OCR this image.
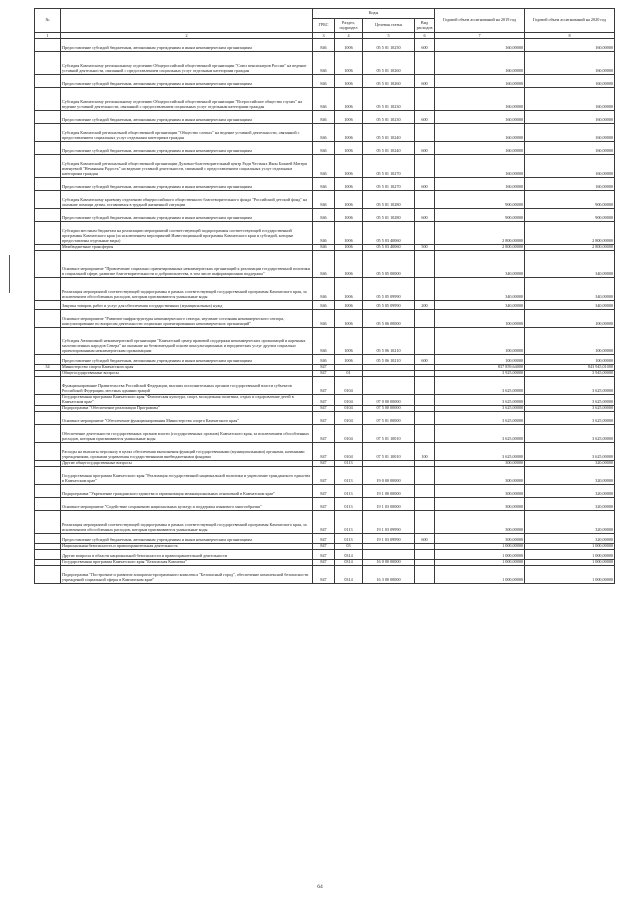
№		Коды				Годовой объем ассигнований на 2019 год	Годовой объем ассигнований на 2020 год
		ГРБС	Раздел, подраздел	Целевая статья	Вид расходов		
1	2	3	4	5	6	7	8
	Предоставление субсидий бюджетным, автономным учреждениям и иным некоммерческим организациям	846	1006	05 5 01 10250	600	160,00000	160,00000
	Субсидия Камчатскому региональному отделению Общероссийской общественной организации "Союз пенсионеров России" на ведение уставной деятельности, связанной с предоставлением социальных услуг отдельным категориям граждан	846	1006	05 5 01 10260		160,00000	160,00000
	Предоставление субсидий бюджетным, автономным учреждениям и иным некоммерческим организациям	846	1006	05 5 01 10260	600	160,00000	160,00000
	Субсидия Камчатскому региональному отделению Общероссийской общественной организации "Всероссийское общество глухих" на ведение уставной деятельности, связанной с предоставлением социальных услуг отдельным категориям граждан	846	1006	05 5 01 10230		160,00000	160,00000
	Предоставление субсидий бюджетным, автономным учреждениям и иным некоммерческим организациям	846	1006	05 5 01 10230	600	160,00000	160,00000
	Субсидия Камчатской региональной общественной организации "Общество слепых" на ведение уставной деятельности, связанной с предоставлением социальных услуг отдельным категориям граждан	846	1006	05 5 01 10240		160,00000	160,00000
	Предоставление субсидий бюджетным, автономным учреждениям и иным некоммерческим организациям	846	1006	05 5 01 10240	600	160,00000	160,00000
	Субсидия Камчатской региональной общественной организации Духовно-благотворительный центр Ради Честных Икон Божией Матери именуемой "Нечаянная Радость" на ведение уставной деятельности, связанной с предоставлением социальных услуг отдельным категориям граждан	846	1006	05 5 01 10270		160,00000	160,00000
	Предоставление субсидий бюджетным, автономным учреждениям и иным некоммерческим организациям	846	1006	05 5 01 10270	600	160,00000	160,00000
	Субсидия Камчатскому краевому отделению общероссийского общественного благотворительного фонда "Российский детский фонд" на оказание помощи детям, оставшимся в трудной жизненной ситуации	846	1006	05 5 01 10280		900,00000	900,00000
	Предоставление субсидий бюджетным, автономным учреждениям и иным некоммерческим организациям	846	1006	05 5 01 10280	600	900,00000	900,00000
	Субсидии местным бюджетам на реализацию мероприятий соответствующей подпрограммы соответствующей государственной программы Камчатского края (за исключением мероприятий Инвестиционной программы Камчатского края и субсидий, которые предоставлены отдельные виды)	846	1006	05 5 03 40060		2 800,00000	2 800,00000
	Межбюджетные трансферты	846	1006	05 5 03 40060	500	2 800,00000	2 800,00000
	Основное мероприятие "Привлечение социально ориентированных некоммерческих организаций к реализации государственной политики в социальной сфере, развитие благотворительности и добровольчества, в том числе информационная поддержка"	846	1006	05 5 05 00000		340,00000	340,00000
	Реализация мероприятий соответствующей подпрограммы в рамках соответствующей государственной программы Камчатского края, за исключением обособленных расходов, которым присваиваются уникальные коды	846	1006	05 5 05 09990		340,00000	340,00000
	Закупка товаров, работ и услуг для обеспечения государственных (муниципальных) нужд	846	1006	05 5 05 09990	200	340,00000	340,00000
	Основное мероприятие "Развитие инфраструктуры некоммерческого сектора, изучение состояния некоммерческого сектора, консультирование по вопросам деятельности социально ориентированных некоммерческих организаций"	846	1006	05 5 06 00000		100,00000	100,00000
	Субсидия Автономной некоммерческой организации "Камчатский центр правовой поддержки некоммерческих организаций и коренных малочисленных народов Севера" на оказание на безвозмездной основе консультационных и юридических услуг другим социально ориентированным некоммерческим организациям	846	1006	05 5 06 10210		100,00000	100,00000
	Предоставление субсидий бюджетным, автономным учреждениям и иным некоммерческим организациям	846	1006	05 5 06 10210	600	100,00000	100,00000
34	Министерство спорта Камчатского края	847				837 859,64000	843 945,01000
	Общегосударственные вопросы	847	01			3 925,00000	3 945,00000
	Функционирование Правительства Российской Федерации, высших исполнительных органов государственной власти субъектов Российской Федерации, местных администраций	847	0104			3 625,00000	3 625,00000
	Государственная программа Камчатского края "Физическая культура, спорт, молодежная политика, отдых и оздоровление детей в Камчатском крае"	847	0104	07 0 00 00000		3 625,00000	3 625,00000
	Подпрограмма "Обеспечение реализации Программы"	847	0104	07 5 00 00000		3 625,00000	3 625,00000
	Основное мероприятие "Обеспечение функционирования Министерства спорта Камчатского края"	847	0104	07 5 01 00000		3 625,00000	3 625,00000
	Обеспечение деятельности государственных органов власти (государственных органов) Камчатского края, за исключением обособленных расходов, которым присваиваются уникальные коды	847	0104	07 5 01 10010		3 625,00000	3 625,00000
	Расходы на выплаты персоналу в целях обеспечения выполнения функций государственными (муниципальными) органами, казенными учреждениями, органами управления государственными внебюджетными фондами	847	0104	07 5 01 10010	100	3 625,00000	3 625,00000
	Другие общегосударственные вопросы	847	0113			300,00000	320,00000
	Государственная программа Камчатского края "Реализация государственной национальной политики и укрепление гражданского единства в Камчатском крае"	847	0113	19 0 00 00000		300,00000	320,00000
	Подпрограмма "Укрепление гражданского единства и гармонизация межнациональных отношений в Камчатском крае"	847	0113	19 1 00 00000		300,00000	320,00000
	Основное мероприятие "Содействие сохранению национальных культур и поддержка языкового многообразия"	847	0113	19 1 03 00000		300,00000	320,00000
	Реализация мероприятий соответствующей подпрограммы в рамках соответствующей государственной программы Камчатского края, за исключением обособленных расходов, которым присваиваются уникальные коды	847	0113	19 1 03 09990		300,00000	320,00000
	Предоставление субсидий бюджетным, автономным учреждениям и иным некоммерческим организациям	847	0113	19 1 03 09990	600	300,00000	320,00000
	Национальная безопасность и правоохранительная деятельность	847	03			1 000,00000	1 000,00000
	Другие вопросы в области национальной безопасности и правоохранительной деятельности	847	0314			1 000,00000	1 000,00000
	Государственная программа Камчатского края "Безопасная Камчатка"	847	0314	16 0 00 00000		1 000,00000	1 000,00000
	Подпрограмма "Построение и развитие аппаратно-программного комплекса "Безопасный город", обеспечение комплексной безопасности учреждений социальной сферы в Камчатском крае"	847	0314	16 3 00 00000		1 000,00000	1 000,00000
64
